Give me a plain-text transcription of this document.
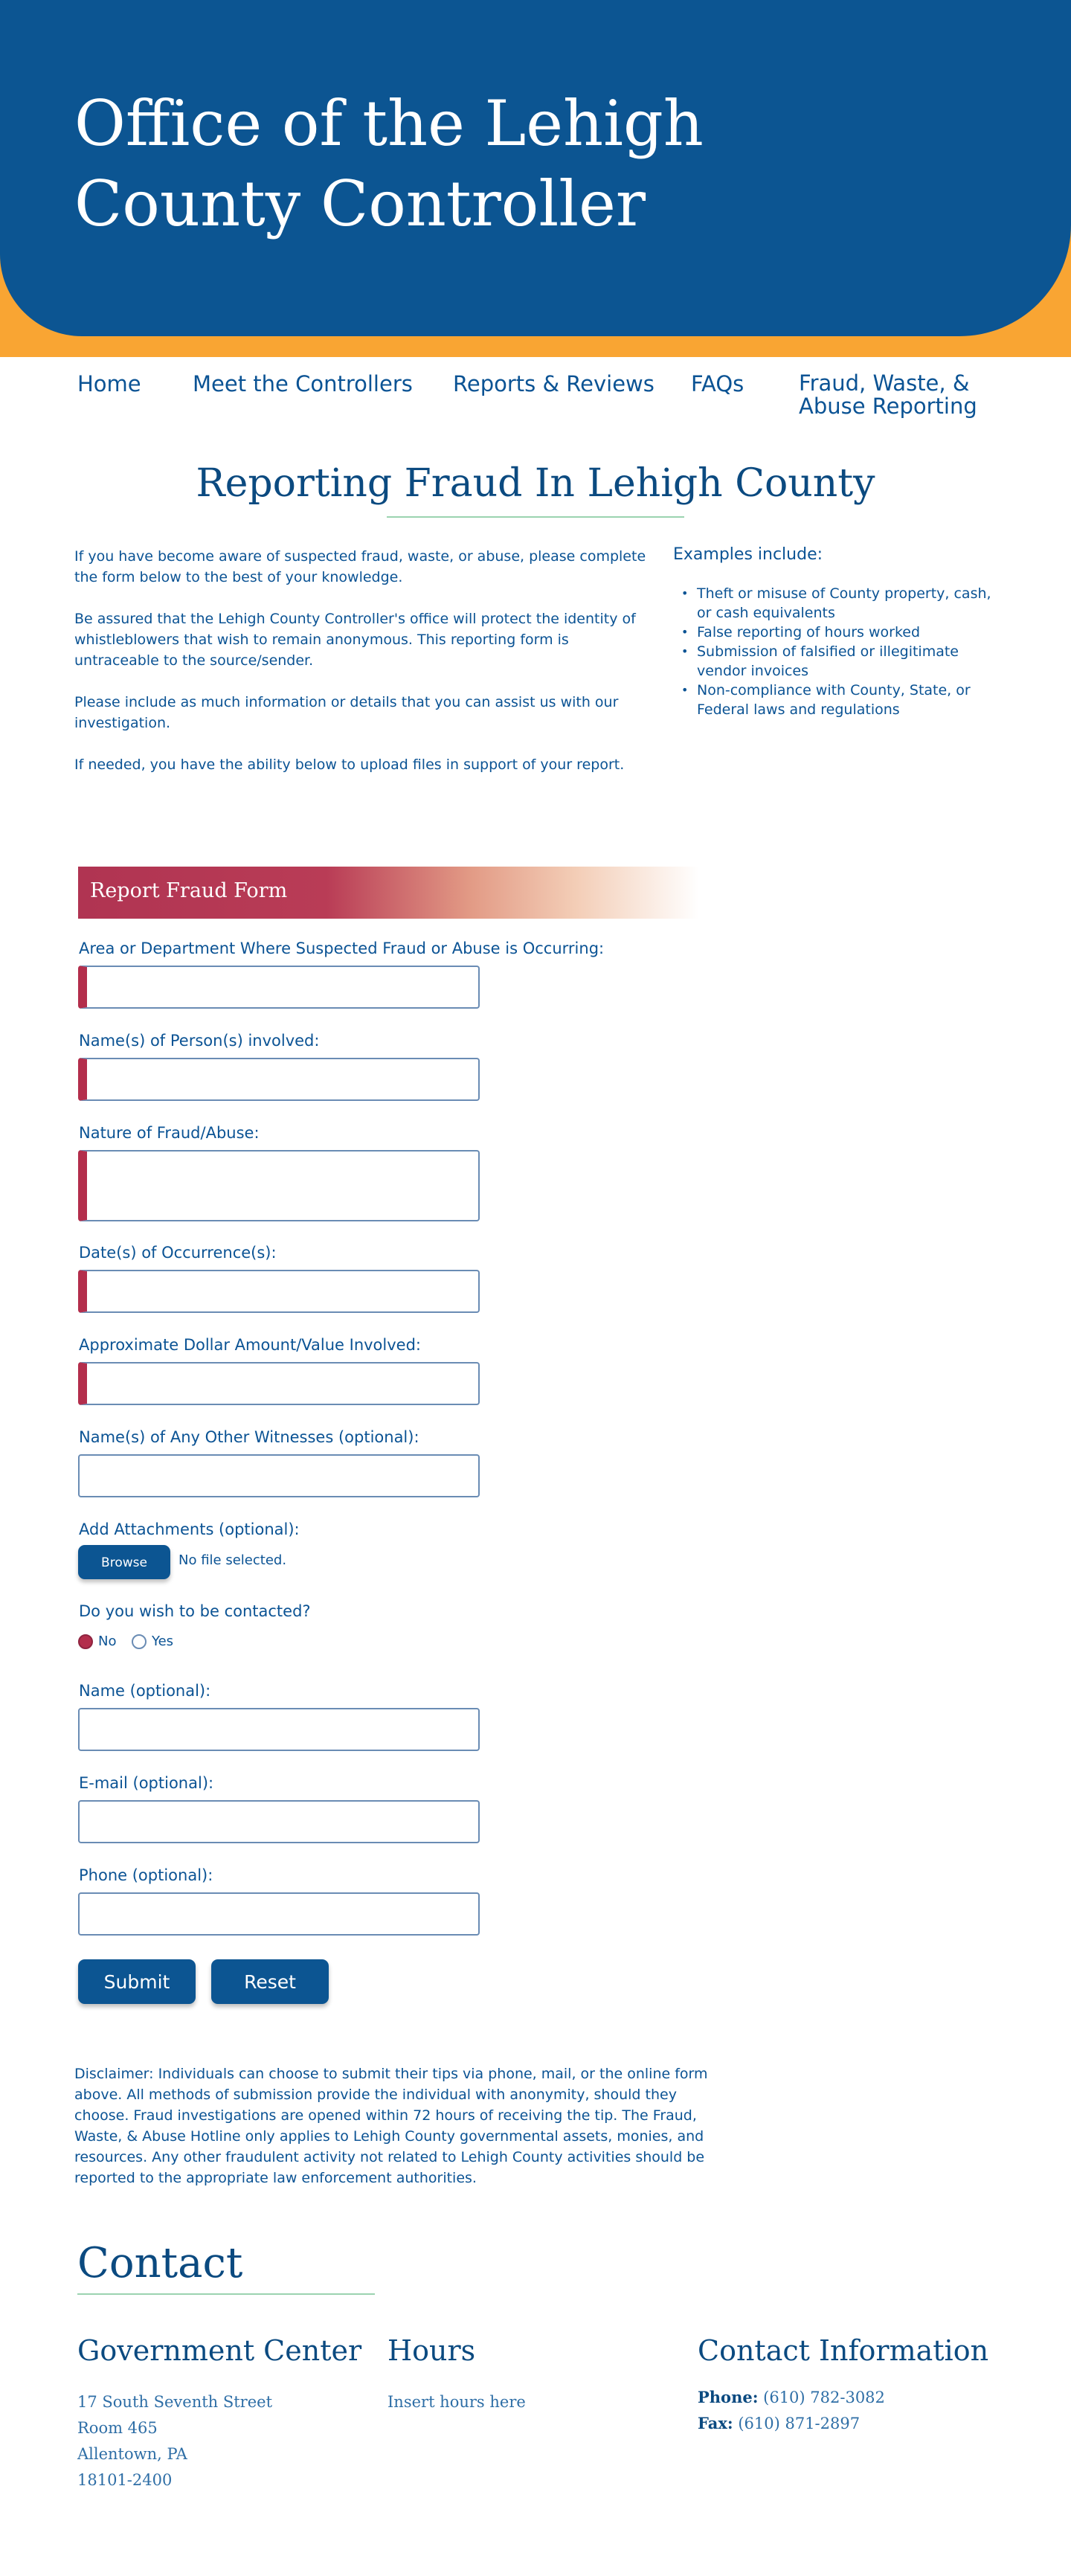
Office of the Lehigh County Controller
Home Meet the Controllers Reports & Reviews FAQs	Fraud, Waste, &
Abuse Reporting
Reporting Fraud In Lehigh County

If you have become aware of suspected fraud, waste, or abuse, please complete the form below to the best of your knowledge.

Be assured that the Lehigh County Controller's office will protect the identity of whistleblowers that wish to remain anonymous. This reporting form is untraceable to the source/sender.

Please include as much information or details that you can assist us with our investigation.

If needed, you have the ability below to upload files in support of your report.

Examples include:
• Theft or misuse of County property, cash, or cash equivalents
• False reporting of hours worked
• Submission of falsified or illegitimate vendor invoices
• Non-compliance with County, State, or Federal laws and regulations
Report Fraud Form
Area or Department Where Suspected Fraud or Abuse is Occurring:
Name(s) of Person(s) involved:
Nature of Fraud/Abuse:
Date(s) of Occurrence(s):
Approximate Dollar Amount/Value Involved:
Name(s) of Any Other Witnesses (optional):
Add Attachments (optional):
Browse	No file selected.
Do you wish to be contacted?
No	Yes
Name (optional):
E-mail (optional):
Phone (optional):
Submit	Reset

Disclaimer: Individuals can choose to submit their tips via phone, mail, or the online form above. All methods of submission provide the individual with anonymity, should they choose. Fraud investigations are opened within 72 hours of receiving the tip. The Fraud, Waste, & Abuse Hotline only applies to Lehigh County governmental assets, monies, and resources. Any other fraudulent activity not related to Lehigh County activities should be reported to the appropriate law enforcement authorities.

Contact
Government Center
17 South Seventh Street
Room 465
Allentown, PA
18101-2400
Hours
Insert hours here
Contact Information
Phone: (610) 782-3082
Fax: (610) 871-2897
